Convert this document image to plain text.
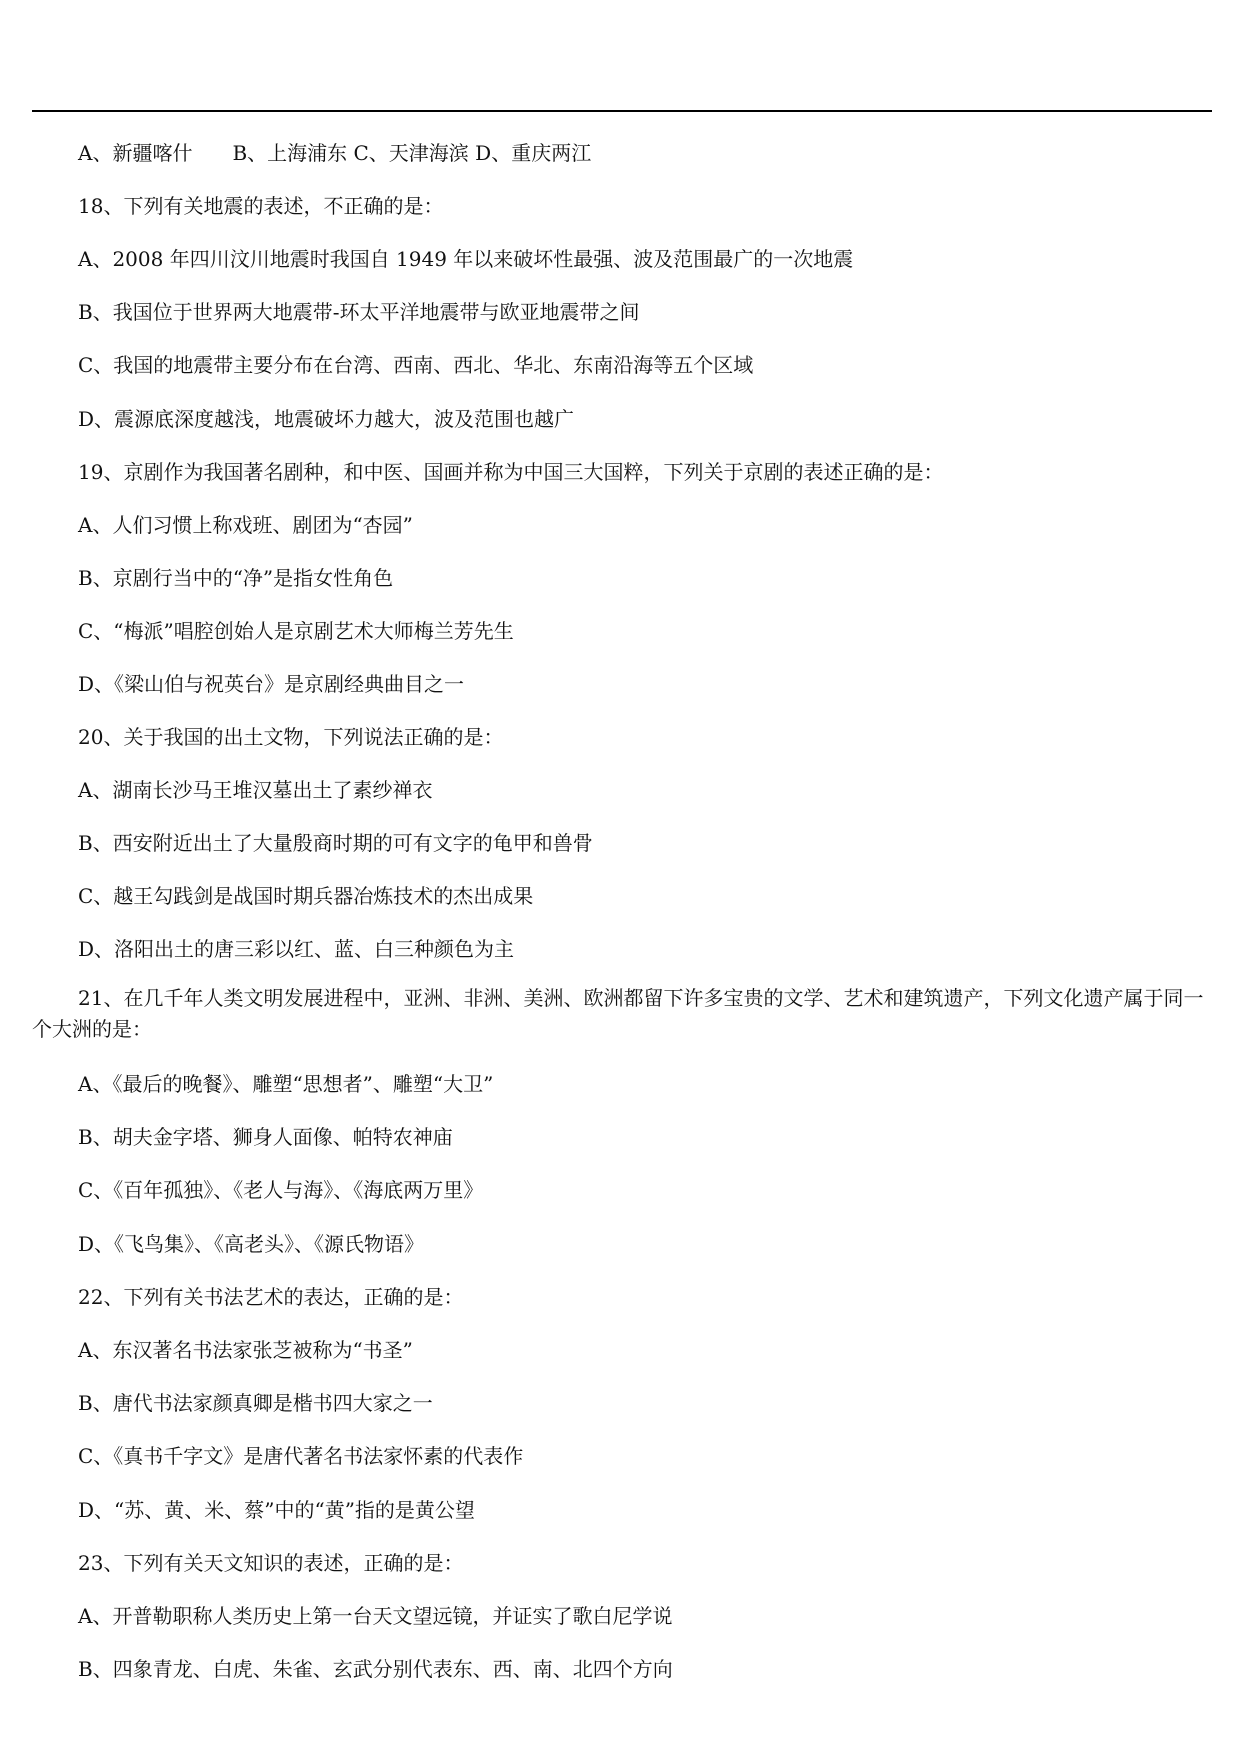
A、新疆喀什　　B、上海浦东 C、天津海滨 D、重庆两江
18、下列有关地震的表述，不正确的是：
A、2008 年四川汶川地震时我国自 1949 年以来破坏性最强、波及范围最广的一次地震
B、我国位于世界两大地震带-环太平洋地震带与欧亚地震带之间
C、我国的地震带主要分布在台湾、西南、西北、华北、东南沿海等五个区域
D、震源底深度越浅，地震破坏力越大，波及范围也越广
19、京剧作为我国著名剧种，和中医、国画并称为中国三大国粹，下列关于京剧的表述正确的是：
A、人们习惯上称戏班、剧团为“杏园”
B、京剧行当中的“净”是指女性角色
C、“梅派”唱腔创始人是京剧艺术大师梅兰芳先生
D、《梁山伯与祝英台》是京剧经典曲目之一
20、关于我国的出土文物，下列说法正确的是：
A、湖南长沙马王堆汉墓出土了素纱禅衣
B、西安附近出土了大量殷商时期的可有文字的龟甲和兽骨
C、越王勾践剑是战国时期兵器冶炼技术的杰出成果
D、洛阳出土的唐三彩以红、蓝、白三种颜色为主
21、在几千年人类文明发展进程中，亚洲、非洲、美洲、欧洲都留下许多宝贵的文学、艺术和建筑遗产，下列文化遗产属于同一个大洲的是：
A、《最后的晚餐》、雕塑“思想者”、雕塑“大卫”
B、胡夫金字塔、狮身人面像、帕特农神庙
C、《百年孤独》、《老人与海》、《海底两万里》
D、《飞鸟集》、《高老头》、《源氏物语》
22、下列有关书法艺术的表达，正确的是：
A、东汉著名书法家张芝被称为“书圣”
B、唐代书法家颜真卿是楷书四大家之一
C、《真书千字文》是唐代著名书法家怀素的代表作
D、“苏、黄、米、蔡”中的“黄”指的是黄公望
23、下列有关天文知识的表述，正确的是：
A、开普勒职称人类历史上第一台天文望远镜，并证实了歌白尼学说
B、四象青龙、白虎、朱雀、玄武分别代表东、西、南、北四个方向
